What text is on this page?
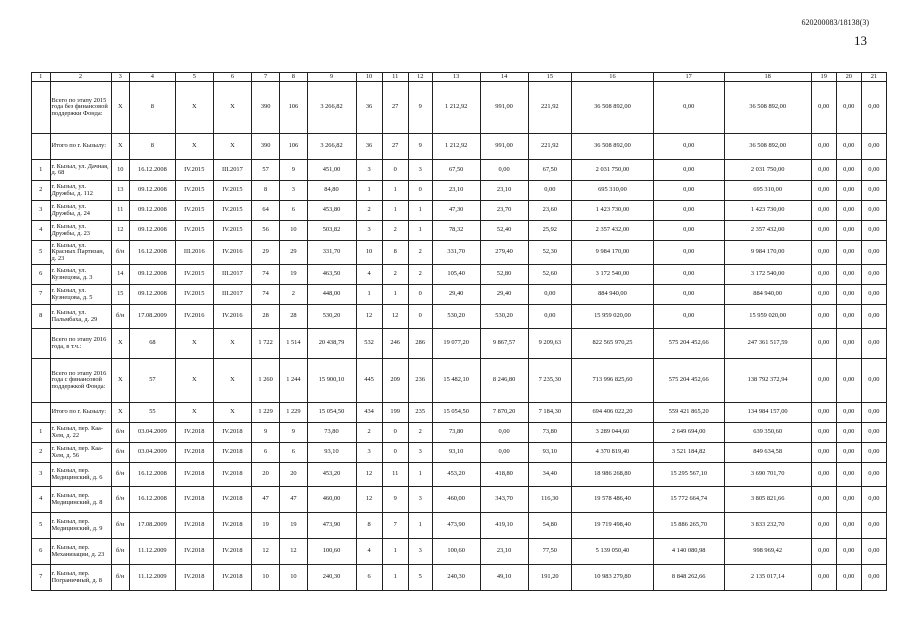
620200083/18138(3)
13
1	2	3	4	5	6	7	8	9	10	11	12	13	14	15	16	17	18	19	20	21
	Всего по этапу 2015 года без финансовой поддержки Фонда:	X	8	X	X	390	106	3 266,82	36	27	9	1 212,92	991,00	221,92	36 508 892,00	0,00	36 508 892,00	0,00	0,00	0,00
	Итого по г. Кызылу:	X	8	X	X	390	106	3 266,82	36	27	9	1 212,92	991,00	221,92	36 508 892,00	0,00	36 508 892,00	0,00	0,00	0,00
1	г. Кызыл, ул. Дачная, д. 68	10	16.12.2008	IV.2015	III.2017	57	9	451,00	3	0	3	67,50	0,00	67,50	2 031 750,00	0,00	2 031 750,00	0,00	0,00	0,00
2	г. Кызыл, ул. Дружбы, д. 112	13	09.12.2008	IV.2015	IV.2015	8	3	84,80	1	1	0	23,10	23,10	0,00	695 310,00	0,00	695 310,00	0,00	0,00	0,00
3	г. Кызыл, ул. Дружбы, д. 24	11	09.12.2008	IV.2015	IV.2015	64	6	453,80	2	1	1	47,30	23,70	23,60	1 423 730,00	0,00	1 423 730,00	0,00	0,00	0,00
4	г. Кызыл, ул. Дружбы, д. 23	12	09.12.2008	IV.2015	IV.2015	56	10	503,82	3	2	1	78,32	52,40	25,92	2 357 432,00	0,00	2 357 432,00	0,00	0,00	0,00
5	г. Кызыл, ул. Красных Партизан, д. 23	б/н	16.12.2008	III.2016	IV.2016	29	29	331,70	10	8	2	331,70	279,40	52,30	9 984 170,00	0,00	9 984 170,00	0,00	0,00	0,00
6	г. Кызыл, ул. Кузнецова, д. 3	14	09.12.2008	IV.2015	III.2017	74	19	463,50	4	2	2	105,40	52,80	52,60	3 172 540,00	0,00	3 172 540,00	0,00	0,00	0,00
7	г. Кызыл, ул. Кузнецова, д. 5	15	09.12.2008	IV.2015	III.2017	74	2	448,00	1	1	0	29,40	29,40	0,00	884 940,00	0,00	884 940,00	0,00	0,00	0,00
8	г. Кызыл, ул. Пальмбаха, д. 29	б/н	17.08.2009	IV.2016	IV.2016	28	28	530,20	12	12	0	530,20	530,20	0,00	15 959 020,00	0,00	15 959 020,00	0,00	0,00	0,00
	Всего по этапу 2016 года, в т.ч.:	X	68	X	X	1 722	1 514	20 438,79	532	246	286	19 077,20	9 867,57	9 209,63	822 565 970,25	575 204 452,66	247 361 517,59	0,00	0,00	0,00
	Всего по этапу 2016 года с финансовой поддержкой Фонда:	X	57	X	X	1 260	1 244	15 900,10	445	209	236	15 482,10	8 246,80	7 235,30	713 996 825,60	575 204 452,66	138 792 372,94	0,00	0,00	0,00
	Итого по г. Кызылу:	X	55	X	X	1 229	1 229	15 054,50	434	199	235	15 054,50	7 870,20	7 184,30	694 406 022,20	559 421 865,20	134 984 157,00	0,00	0,00	0,00
1	г. Кызыл, пер. Каа-Хем, д. 22	б/н	03.04.2009	IV.2018	IV.2018	9	9	73,80	2	0	2	73,80	0,00	73,80	3 289 044,60	2 649 694,00	639 350,60	0,00	0,00	0,00
2	г. Кызыл, пер. Каа-Хем, д. 56	б/н	03.04.2009	IV.2018	IV.2018	6	6	93,10	3	0	3	93,10	0,00	93,10	4 370 819,40	3 521 184,82	849 634,58	0,00	0,00	0,00
3	г. Кызыл, пер. Медицинский, д. 6	б/н	16.12.2008	IV.2018	IV.2018	20	20	453,20	12	11	1	453,20	418,80	34,40	18 986 268,80	15 295 567,10	3 690 701,70	0,00	0,00	0,00
4	г. Кызыл, пер. Медицинский, д. 8	б/н	16.12.2008	IV.2018	IV.2018	47	47	460,00	12	9	3	460,00	343,70	116,30	19 578 486,40	15 772 664,74	3 805 821,66	0,00	0,00	0,00
5	г. Кызыл, пер. Медицинский, д. 9	б/н	17.08.2009	IV.2018	IV.2018	19	19	473,90	8	7	1	473,90	419,10	54,80	19 719 498,40	15 886 265,70	3 833 232,70	0,00	0,00	0,00
6	г. Кызыл, пер. Механизации, д. 23	б/н	11.12.2009	IV.2018	IV.2018	12	12	100,60	4	1	3	100,60	23,10	77,50	5 139 050,40	4 140 080,98	998 969,42	0,00	0,00	0,00
7	г. Кызыл, пер. Пограничный, д. 8	б/н	11.12.2009	IV.2018	IV.2018	10	10	240,30	6	1	5	240,30	49,10	191,20	10 983 279,80	8 848 262,66	2 135 017,14	0,00	0,00	0,00
